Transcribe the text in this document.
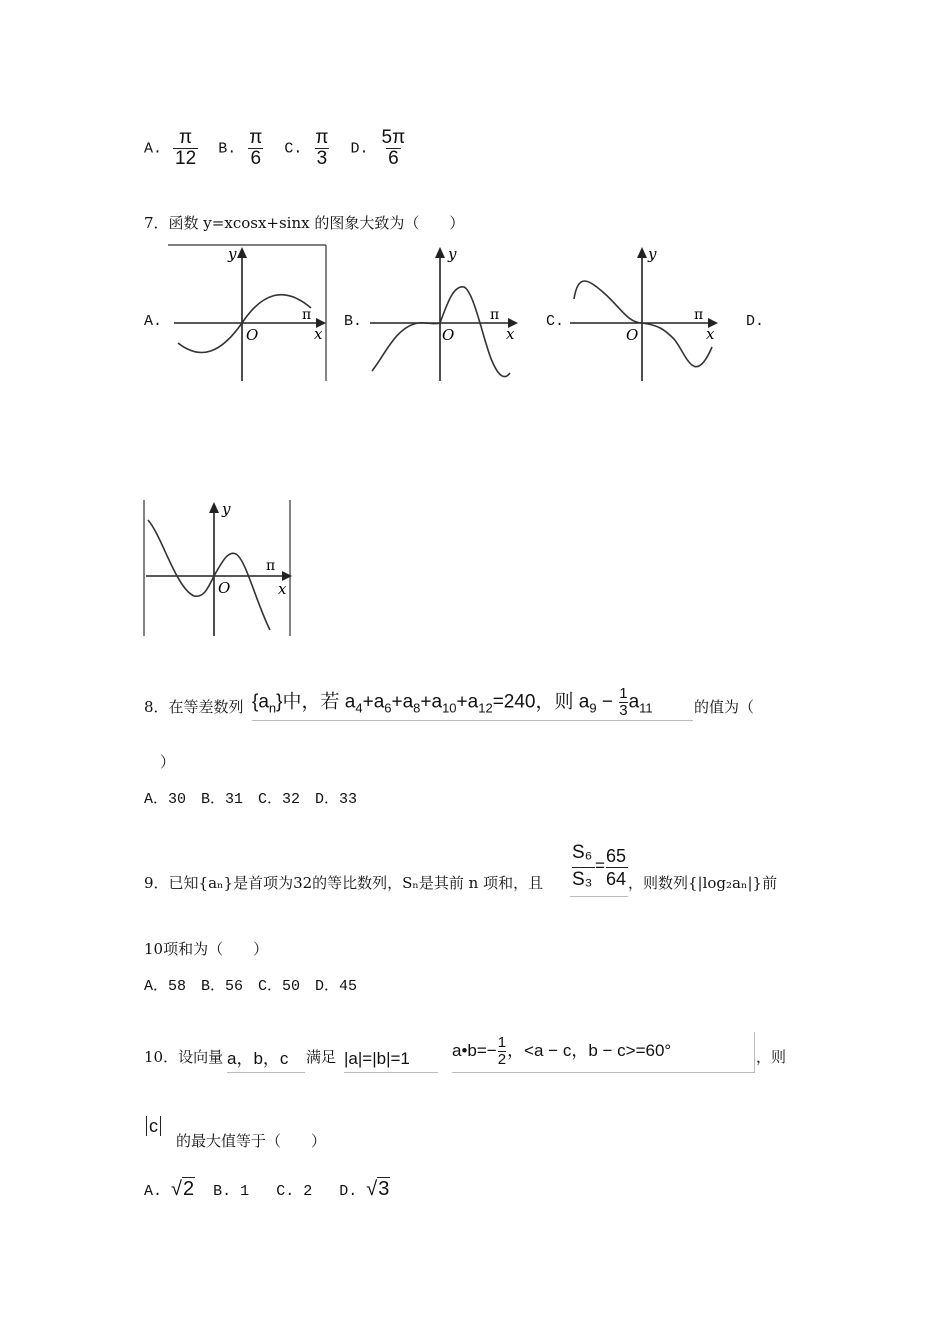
A. $\frac{\pi}{12} B$. $\frac{\pi}{6} C$. $\frac{\pi}{3} D$. $\frac{5\pi}{6}$
7．函数 y=xcosx+sinx 的图象大致为（　　）
A.	B.	C.	D.
y
O
π
x
y
O
π
x
y
O
π
x
y
O
π
x
8．在等差数列 $\{a_n\}$中，若 $a_4+a_6+a_8+a_{10}+a_{12}=240$，则 $a_9 - \frac{1}{3} a_{11}$	的值为（
）
A．30　B．31　C．32　D．33
9．已知{aₙ}是首项为32的等比数列，Sₙ是其前 n 项和，且
S₆
S₃
= 65
64 ，则数列{|log₂aₙ|}前
10项和为（　　）
A．58　B．56　C．50　D．45
10．设向量 a，b，c	满足 |a|=|b|=1	a•b=− $\frac{1}{2}$ ，<a − c，b − c>=60°	，则
c
的最大值等于（　　）
A. √2 B. 1 C. 2 D. √3
